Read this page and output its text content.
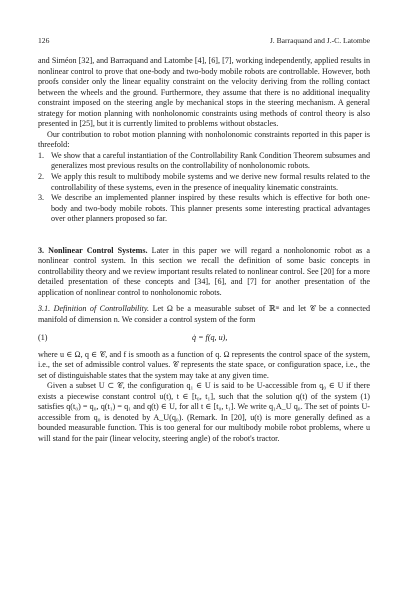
126	J. Barraquand and J.-C. Latombe

and Siméon [32], and Barraquand and Latombe [4], [6], [7], working independently, applied results in nonlinear control to prove that one-body and two-body mobile robots are controllable. However, both proofs consider only the linear equality constraint on the velocity deriving from the rolling contact between the wheels and the ground. Furthermore, they assume that there is no additional inequality constraint imposed on the steering angle by mechanical stops in the steering mechanism. A general strategy for motion planning with nonholonomic constraints using methods of control theory is also presented in [25], but it is currently limited to problems without obstacles.

Our contribution to robot motion planning with nonholonomic constraints reported in this paper is threefold:

1. We show that a careful instantiation of the Controllability Rank Condition Theorem subsumes and generalizes most previous results on the controllability of nonholonomic robots.
2. We apply this result to multibody mobile systems and we derive new formal results related to the controllability of these systems, even in the presence of inequality kinematic constraints.
3. We describe an implemented planner inspired by these results which is effective for both one-body and two-body mobile robots. This planner presents some interesting practical advantages over other planners proposed so far.

3. Nonlinear Control Systems. Later in this paper we will regard a nonholonomic robot as a nonlinear control system. In this section we recall the definition of some basic concepts in controllability theory and we review important results related to nonlinear control. See [20] for a more detailed presentation of these concepts and [34], [6], and [7] for another presentation of the application of nonlinear control to nonholonomic robots.

3.1. Definition of Controllability. Let Ω be a measurable subset of ℝᵐ and let 𝒞 be a connected manifold of dimension n. We consider a control system of the form

(1)	q̇ = f(q, u),

where u ∈ Ω, q ∈ 𝒞, and f is smooth as a function of q. Ω represents the control space of the system, i.e., the set of admissible control values. 𝒞 represents the state space, or configuration space, i.e., the set of distinguishable states that the system may take at any given time.

Given a subset U ⊂ 𝒞, the configuration q₁ ∈ U is said to be U-accessible from q₀ ∈ U if there exists a piecewise constant control u(t), t ∈ [t₀, t₁], such that the solution q(t) of the system (1) satisfies q(t₀) = q₀, q(t₁) = q₁ and q(t) ∈ U, for all t ∈ [t₀, t₁]. We write q₁A_U q₀. The set of points U-accessible from q₀ is denoted by A_U(q₀). (Remark. In [20], u(t) is more generally defined as a bounded measurable function. This is too general for our multibody mobile robot problems, where u will stand for the pair (linear velocity, steering angle) of the robot's tractor.
